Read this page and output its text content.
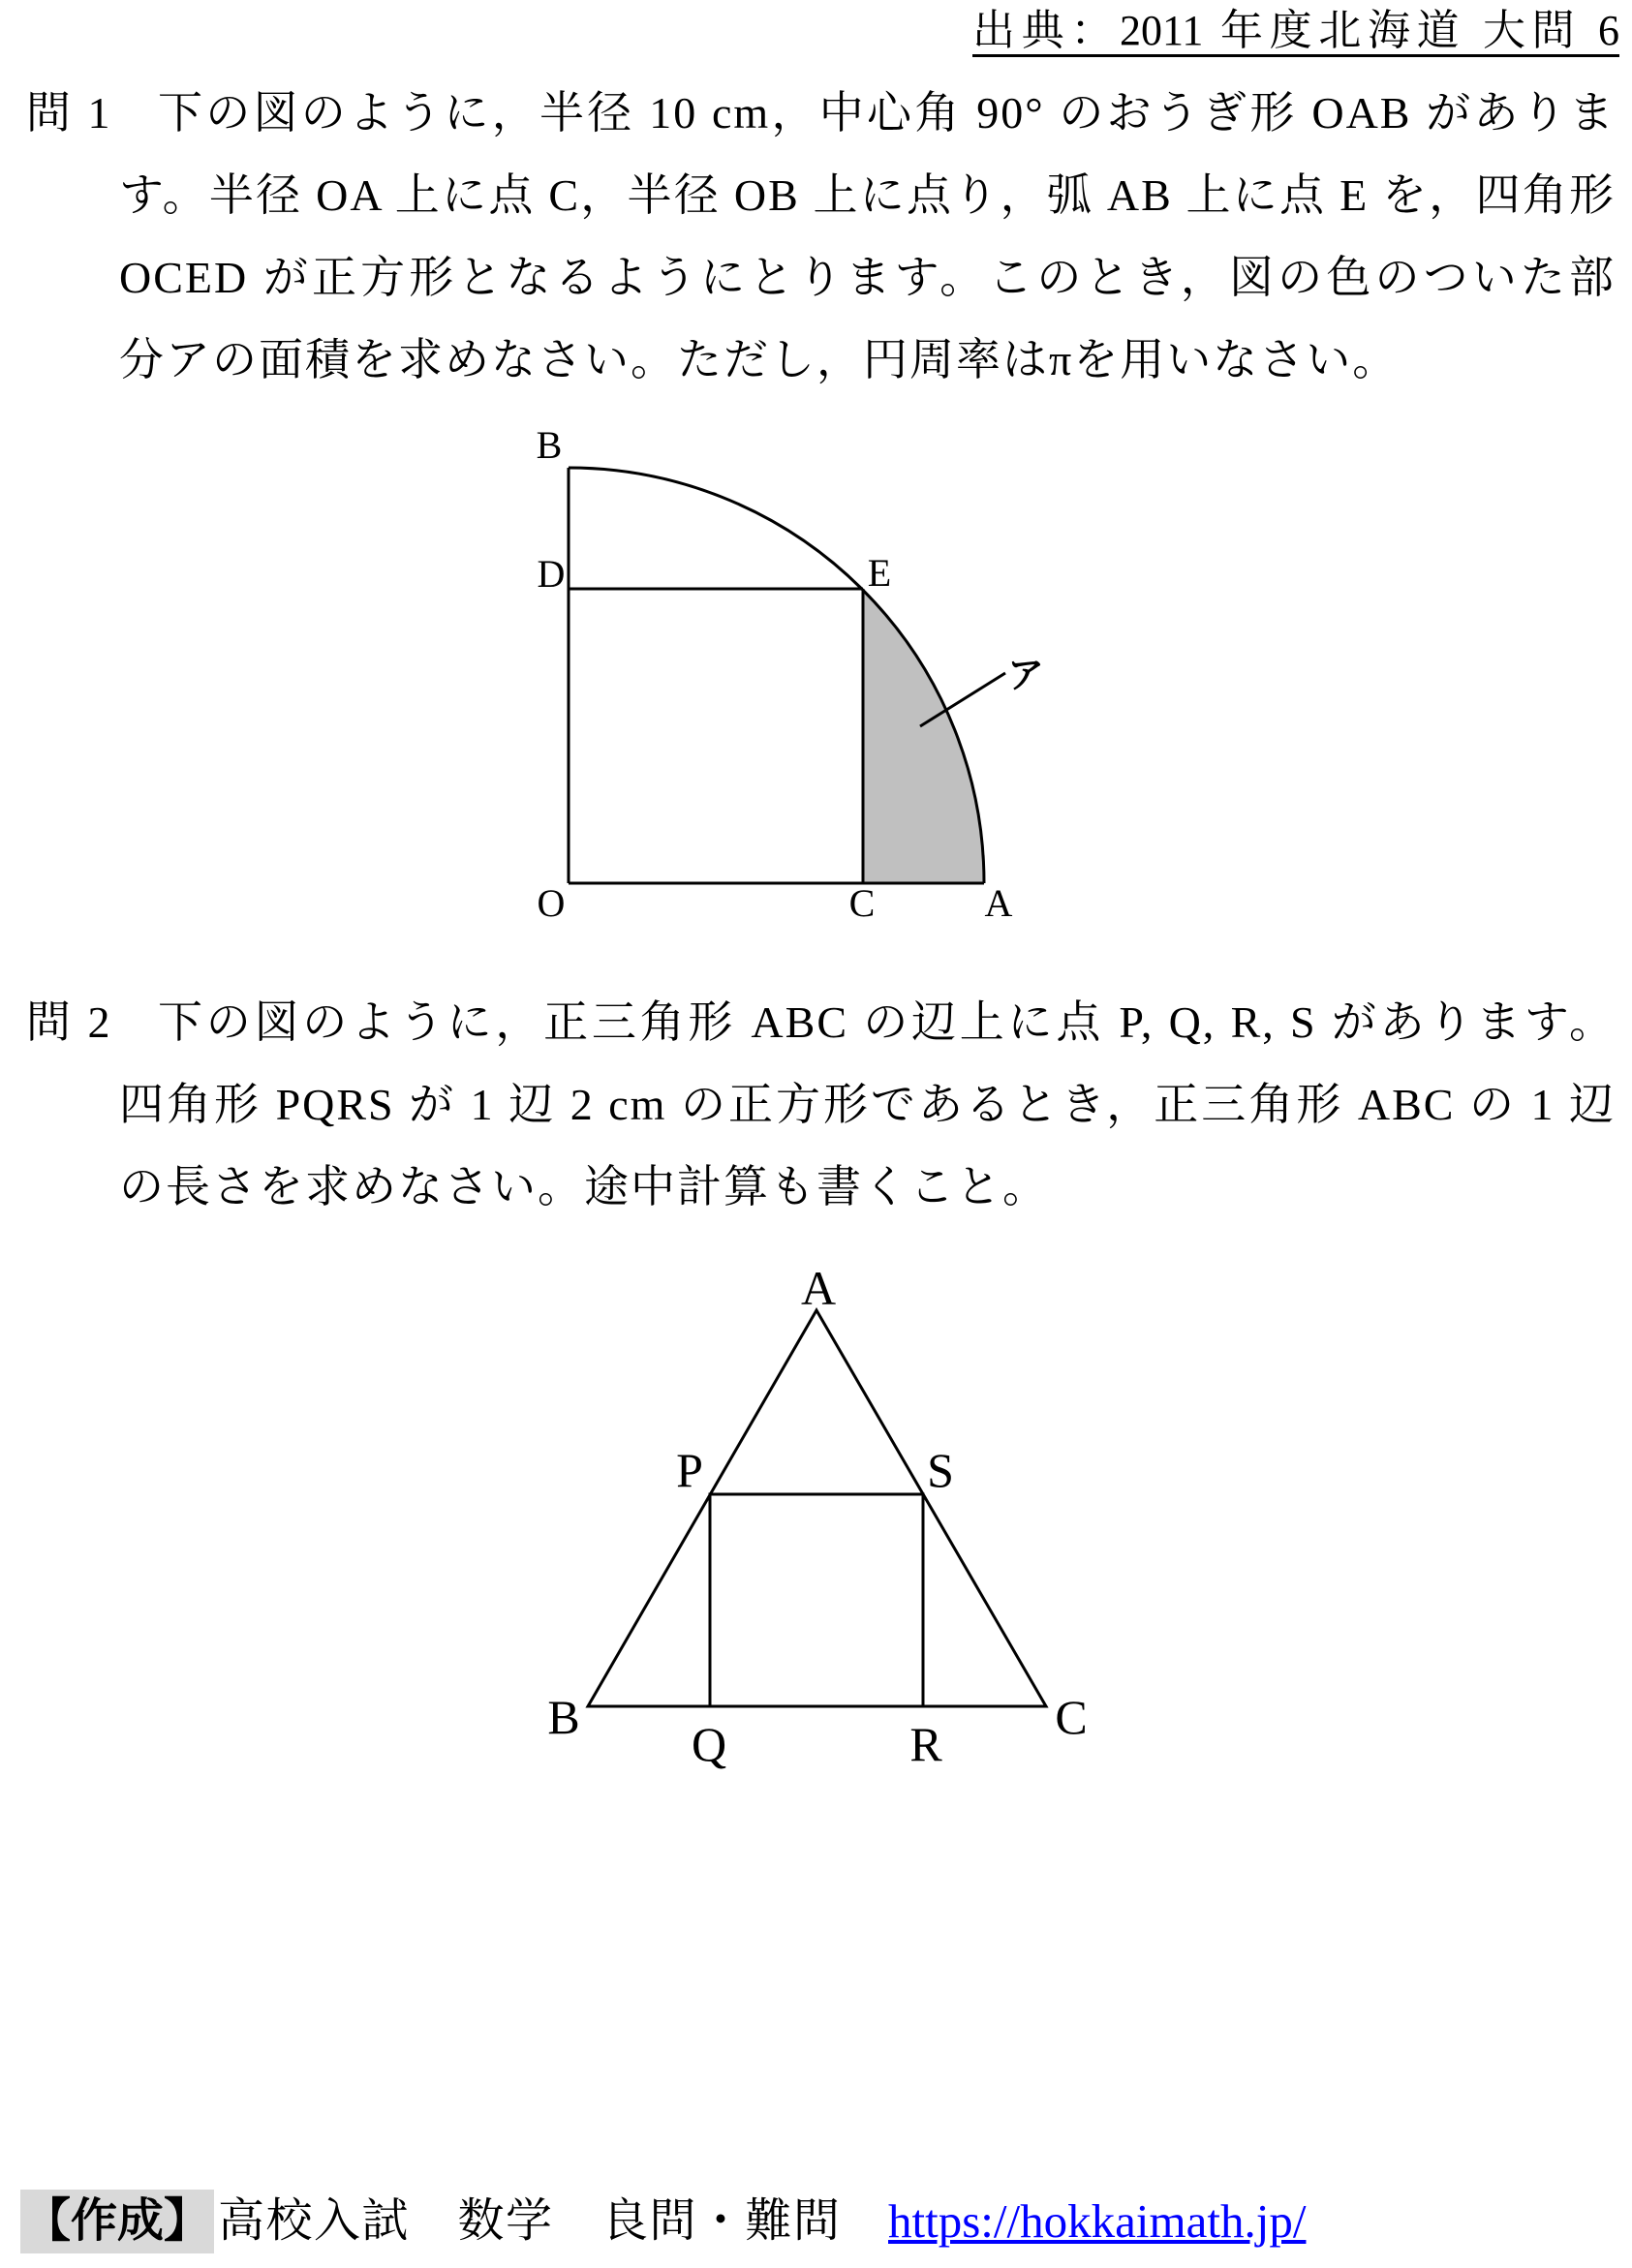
出典：2011 年度北海道 大問 6
問 1 下の図のように，半径 10 cm，中心角 90° のおうぎ形 OAB がありま
す。半径 OA 上に点 C，半径 OB 上に点り，弧 AB 上に点 E を，四角形
OCED が正方形となるようにとります。このとき，図の色のついた部
分アの面積を求めなさい。ただし，円周率はπを用いなさい。
問 2 下の図のように，正三角形 ABC の辺上に点 P, Q, R, S があります。
四角形 PQRS が 1 辺 2 cm の正方形であるとき，正三角形 ABC の 1 辺
の長さを求めなさい。途中計算も書くこと。
B
D	E
O	C	A
ア
A
P	S
B	C
Q	R
【作成】 高校入試　数学　良問・難問 https://hokkaimath.jp/
